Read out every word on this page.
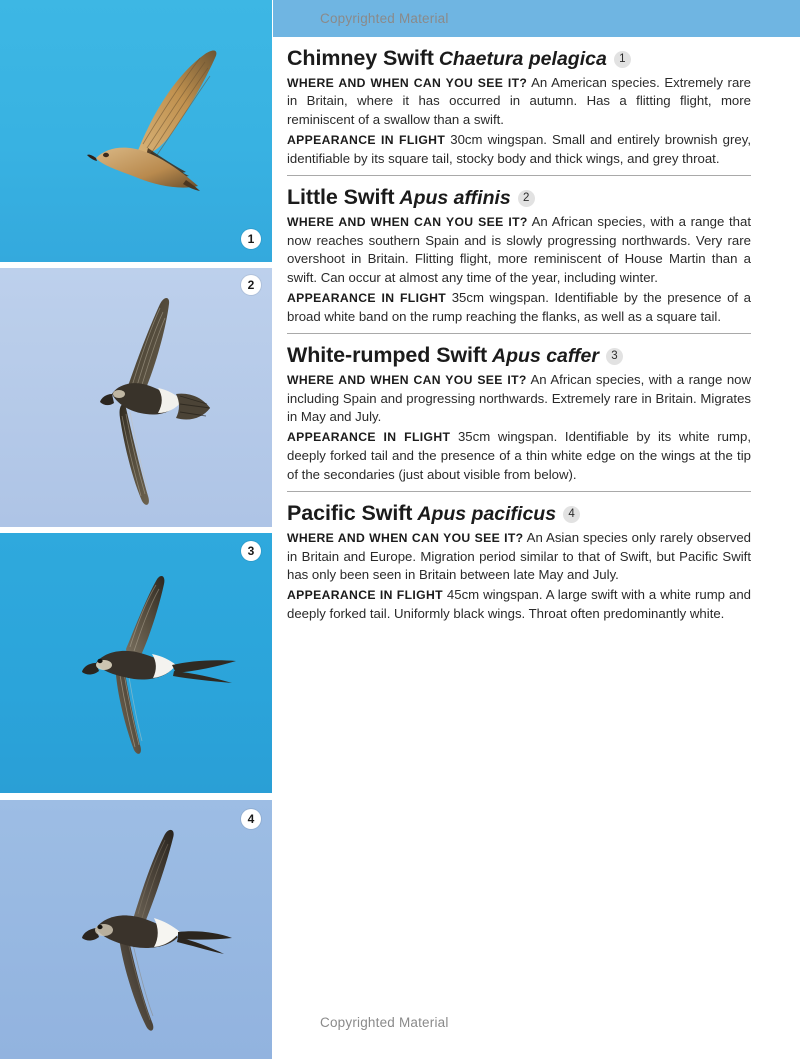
1
2
3
4
Copyrighted Material
Chimney Swift Chaetura pelagica 1

WHERE AND WHEN CAN YOU SEE IT? An American species. Extremely rare in Britain, where it has occurred in autumn. Has a flitting flight, more reminiscent of a swallow than a swift.

APPEARANCE IN FLIGHT 30cm wingspan. Small and entirely brownish grey, identifiable by its square tail, stocky body and thick wings, and grey throat.

Little Swift Apus affinis 2

WHERE AND WHEN CAN YOU SEE IT? An African species, with a range that now reaches southern Spain and is slowly progressing northwards. Very rare overshoot in Britain. Flitting flight, more reminiscent of House Martin than a swift. Can occur at almost any time of the year, including winter.

APPEARANCE IN FLIGHT 35cm wingspan. Identifiable by the presence of a broad white band on the rump reaching the flanks, as well as a square tail.

White-rumped Swift Apus caffer 3

WHERE AND WHEN CAN YOU SEE IT? An African species, with a range now including Spain and progressing northwards. Extremely rare in Britain. Migrates in May and July.

APPEARANCE IN FLIGHT 35cm wingspan. Identifiable by its white rump, deeply forked tail and the presence of a thin white edge on the wings at the tip of the secondaries (just about visible from below).

Pacific Swift Apus pacificus 4

WHERE AND WHEN CAN YOU SEE IT? An Asian species only rarely observed in Britain and Europe. Migration period similar to that of Swift, but Pacific Swift has only been seen in Britain between late May and July.

APPEARANCE IN FLIGHT 45cm wingspan. A large swift with a white rump and deeply forked tail. Uniformly black wings. Throat often predominantly white.

Copyrighted Material
